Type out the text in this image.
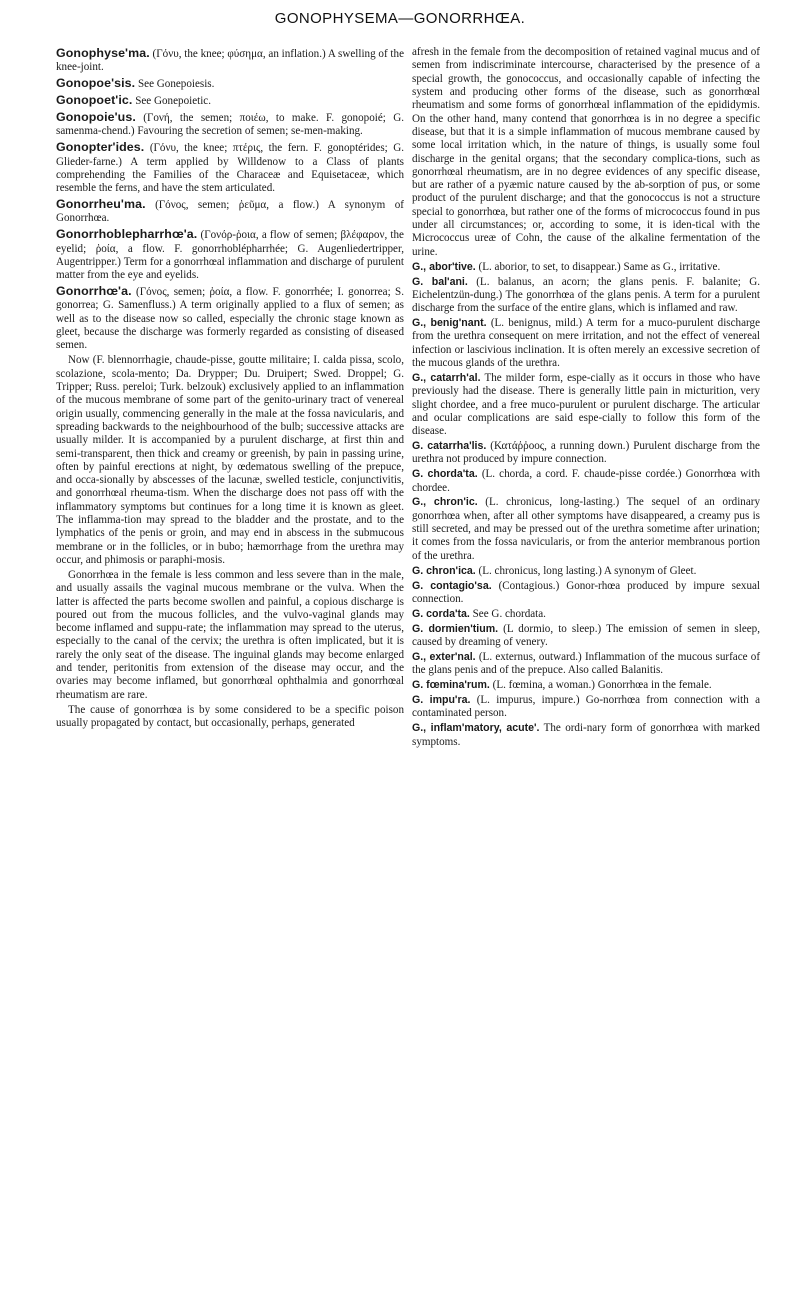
GONOPHYSEMA—GONORRHŒA.

Gonophyse'ma. (Γόνυ, the knee; φύσημα, an inflation.) A swelling of the knee-joint.

Gonopoe'sis. See Gonepoiesis.

Gonopoet'ic. See Gonepoietic.

Gonopoie'us. (Γονή, the semen; ποιέω, to make. F. gonopoié; G. samenma-chend.) Favouring the secretion of semen; se-men-making.

Gonopter'ides. (Γόνυ, the knee; πτέρις, the fern. F. gonoptérides; G. Glieder-farne.) A term applied by Willdenow to a Class of plants comprehending the Families of the Characeæ and Equisetaceæ, which resemble the ferns, and have the stem articulated.

Gonorrheu'ma. (Γόνος, semen; ῥεῦμα, a flow.) A synonym of Gonorrhœa.

Gonorrhoblepharrhœ'a. (Γονόρ-ῥοια, a flow of semen; βλέφαρον, the eyelid; ῥοία, a flow. F. gonorrhoblépharrhée; G. Augenliedertripper, Augentripper.) Term for a gonorrhœal inflammation and discharge of purulent matter from the eye and eyelids.

Gonorrhœ'a. (Γόνος, semen; ῥοία, a flow. F. gonorrhée; I. gonorrea; S. gonorrea; G. Samenfluss.) A term originally applied to a flux of semen; as well as to the disease now so called, especially the chronic stage known as gleet, because the discharge was formerly regarded as consisting of diseased semen.

Now (F. blennorrhagie, chaude-pisse, goutte militaire; I. calda pissa, scolo, scolazione, scola-mento; Da. Drypper; Du. Druipert; Swed. Droppel; G. Tripper; Russ. pereloi; Turk. belzouk) exclusively applied to an inflammation of the mucous membrane of some part of the genito-urinary tract of venereal origin usually, commencing generally in the male at the fossa navicularis, and spreading backwards to the neighbourhood of the bulb; successive attacks are usually milder. It is accompanied by a purulent discharge, at first thin and semi-transparent, then thick and creamy or greenish, by pain in passing urine, often by painful erections at night, by œdematous swelling of the prepuce, and occa-sionally by abscesses of the lacunæ, swelled testicle, conjunctivitis, and gonorrhœal rheuma-tism. When the discharge does not pass off with the inflammatory symptoms but continues for a long time it is known as gleet. The inflamma-tion may spread to the bladder and the prostate, and to the lymphatics of the penis or groin, and may end in abscess in the submucous membrane or in the follicles, or in bubo; hæmorrhage from the urethra may occur, and phimosis or paraphi-mosis.

Gonorrhœa in the female is less common and less severe than in the male, and usually assails the vaginal mucous membrane or the vulva. When the latter is affected the parts become swollen and painful, a copious discharge is poured out from the mucous follicles, and the vulvo-vaginal glands may become inflamed and suppu-rate; the inflammation may spread to the uterus, especially to the canal of the cervix; the urethra is often implicated, but it is rarely the only seat of the disease. The inguinal glands may become enlarged and tender, peritonitis from extension of the disease may occur, and the ovaries may become inflamed, but gonorrhœal ophthalmia and gonorrhœal rheumatism are rare.

The cause of gonorrhœa is by some considered to be a specific poison usually propagated by contact, but occasionally, perhaps, generated

afresh in the female from the decomposition of retained vaginal mucus and of semen from indiscriminate intercourse, characterised by the presence of a special growth, the gonococcus, and occasionally capable of infecting the system and producing other forms of the disease, such as gonorrhœal rheumatism and some forms of gonorrhœal inflammation of the epididymis. On the other hand, many contend that gonorrhœa is in no degree a specific disease, but that it is a simple inflammation of mucous membrane caused by some local irritation which, in the nature of things, is usually some foul discharge in the genital organs; that the secondary complica-tions, such as gonorrhœal rheumatism, are in no degree evidences of any specific disease, but are rather of a pyæmic nature caused by the ab-sorption of pus, or some product of the purulent discharge; and that the gonococcus is not a structure special to gonorrhœa, but rather one of the forms of micrococcus found in pus under all circumstances; or, according to some, it is iden-tical with the Micrococcus ureæ of Cohn, the cause of the alkaline fermentation of the urine.

G., abor'tive. (L. aborior, to set, to disappear.) Same as G., irritative.

G. bal'ani. (L. balanus, an acorn; the glans penis. F. balanite; G. Eichelentzün-dung.) The gonorrhœa of the glans penis. A term for a purulent discharge from the surface of the entire glans, which is inflamed and raw.

G., benig'nant. (L. benignus, mild.) A term for a muco-purulent discharge from the urethra consequent on mere irritation, and not the effect of venereal infection or lascivious inclination. It is often merely an excessive secretion of the mucous glands of the urethra.

G., catarrh'al. The milder form, espe-cially as it occurs in those who have previously had the disease. There is generally little pain in micturition, very slight chordee, and a free muco-purulent or purulent discharge. The articular and ocular complications are said espe-cially to follow this form of the disease.

G. catarrha'lis. (Κατάῤῥοος, a running down.) Purulent discharge from the urethra not produced by impure connection.

G. chorda'ta. (L. chorda, a cord. F. chaude-pisse cordée.) Gonorrhœa with chordee.

G., chron'ic. (L. chronicus, long-lasting.) The sequel of an ordinary gonorrhœa when, after all other symptoms have disappeared, a creamy pus is still secreted, and may be pressed out of the urethra sometime after urination; it comes from the fossa navicularis, or from the anterior membranous portion of the urethra.

G. chron'ica. (L. chronicus, long lasting.) A synonym of Gleet.

G. contagio'sa. (Contagious.) Gonor-rhœa produced by impure sexual connection.

G. corda'ta. See G. chordata.

G. dormien'tium. (L dormio, to sleep.) The emission of semen in sleep, caused by dreaming of venery.

G., exter'nal. (L. externus, outward.) Inflammation of the mucous surface of the glans penis and of the prepuce. Also called Balanitis.

G. fœmina'rum. (L. fœmina, a woman.) Gonorrhœa in the female.

G. impu'ra. (L. impurus, impure.) Go-norrhœa from connection with a contaminated person.

G., inflam'matory, acute'. The ordi-nary form of gonorrhœa with marked symptoms.
